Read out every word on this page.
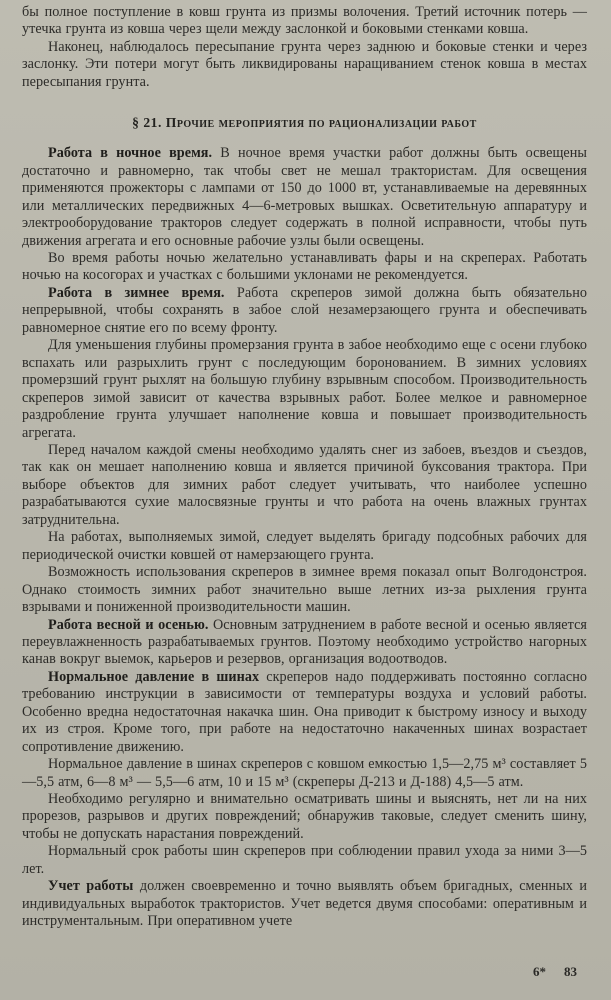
бы полное поступление в ковш грунта из призмы волочения. Третий источник потерь — утечка грунта из ковша через щели между заслонкой и боковыми стенками ковша.

Наконец, наблюдалось пересыпание грунта через заднюю и боковые стенки и через заслонку. Эти потери могут быть ликвидированы наращиванием стенок ковша в местах пересыпания грунта.

§ 21. Прочие мероприятия по рационализации работ

Работа в ночное время. В ночное время участки работ должны быть освещены достаточно и равномерно, так чтобы свет не мешал трактористам. Для освещения применяются прожекторы с лампами от 150 до 1000 вт, устанавливаемые на деревянных или металлических передвижных 4—6-метровых вышках. Осветительную аппаратуру и электрооборудование тракторов следует содержать в полной исправности, чтобы путь движения агрегата и его основные рабочие узлы были освещены.

Во время работы ночью желательно устанавливать фары и на скреперах. Работать ночью на косогорах и участках с большими уклонами не рекомендуется.

Работа в зимнее время. Работа скреперов зимой должна быть обязательно непрерывной, чтобы сохранять в забое слой незамерзающего грунта и обеспечивать равномерное снятие его по всему фронту.

Для уменьшения глубины промерзания грунта в забое необходимо еще с осени глубоко вспахать или разрыхлить грунт с последующим боронованием. В зимних условиях промерзший грунт рыхлят на большую глубину взрывным способом. Производительность скреперов зимой зависит от качества взрывных работ. Более мелкое и равномерное раздробление грунта улучшает наполнение ковша и повышает производительность агрегата.

Перед началом каждой смены необходимо удалять снег из забоев, въездов и съездов, так как он мешает наполнению ковша и является причиной буксования трактора. При выборе объектов для зимних работ следует учитывать, что наиболее успешно разрабатываются сухие малосвязные грунты и что работа на очень влажных грунтах затруднительна.

На работах, выполняемых зимой, следует выделять бригаду подсобных рабочих для периодической очистки ковшей от намерзающего грунта.

Возможность использования скреперов в зимнее время показал опыт Волгодонстроя. Однако стоимость зимних работ значительно выше летних из-за рыхления грунта взрывами и пониженной производительности машин.

Работа весной и осенью. Основным затруднением в работе весной и осенью является переувлажненность разрабатываемых грунтов. Поэтому необходимо устройство нагорных канав вокруг выемок, карьеров и резервов, организация водоотводов.

Нормальное давление в шинах скреперов надо поддерживать постоянно согласно требованию инструкции в зависимости от температуры воздуха и условий работы. Особенно вредна недостаточная накачка шин. Она приводит к быстрому износу и выходу их из строя. Кроме того, при работе на недостаточно накаченных шинах возрастает сопротивление движению.

Нормальное давление в шинах скреперов с ковшом емкостью 1,5—2,75 м³ составляет 5—5,5 атм, 6—8 м³ — 5,5—6 атм, 10 и 15 м³ (скреперы Д-213 и Д-188) 4,5—5 атм.

Необходимо регулярно и внимательно осматривать шины и выяснять, нет ли на них прорезов, разрывов и других повреждений; обнаружив таковые, следует сменить шину, чтобы не допускать нарастания повреждений.

Нормальный срок работы шин скреперов при соблюдении правил ухода за ними 3—5 лет.

Учет работы должен своевременно и точно выявлять объем бригадных, сменных и индивидуальных выработок трактористов. Учет ведется двумя способами: оперативным и инструментальным. При оперативном учете

6* 83
